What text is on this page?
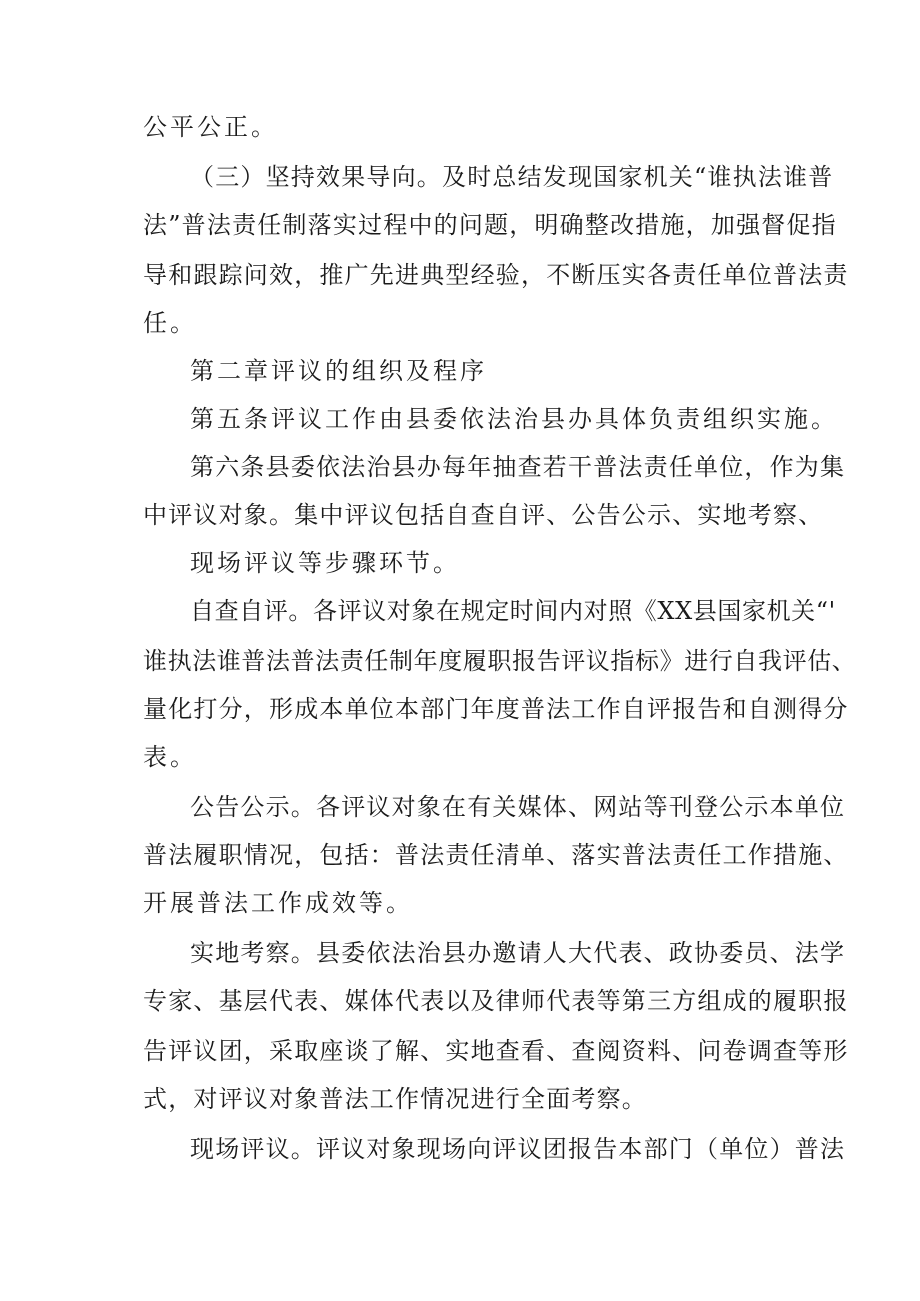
公平公正。
（三）坚持效果导向。及时总结发现国家机关“谁执法谁普
法”普法责任制落实过程中的问题，明确整改措施，加强督促指
导和跟踪问效，推广先进典型经验，不断压实各责任单位普法责
任。
第二章评议的组织及程序
第五条评议工作由县委依法治县办具体负责组织实施。
第六条县委依法治县办每年抽查若干普法责任单位，作为集
中评议对象。集中评议包括自查自评、公告公示、实地考察、
现场评议等步骤环节。
自查自评。各评议对象在规定时间内对照《XX县国家机关“'
谁执法谁普法普法责任制年度履职报告评议指标》进行自我评估、
量化打分，形成本单位本部门年度普法工作自评报告和自测得分
表。
公告公示。各评议对象在有关媒体、网站等刊登公示本单位
普法履职情况，包括：普法责任清单、落实普法责任工作措施、
开展普法工作成效等。
实地考察。县委依法治县办邀请人大代表、政协委员、法学
专家、基层代表、媒体代表以及律师代表等第三方组成的履职报
告评议团，采取座谈了解、实地查看、查阅资料、问卷调查等形
式，对评议对象普法工作情况进行全面考察。
现场评议。评议对象现场向评议团报告本部门（单位）普法
